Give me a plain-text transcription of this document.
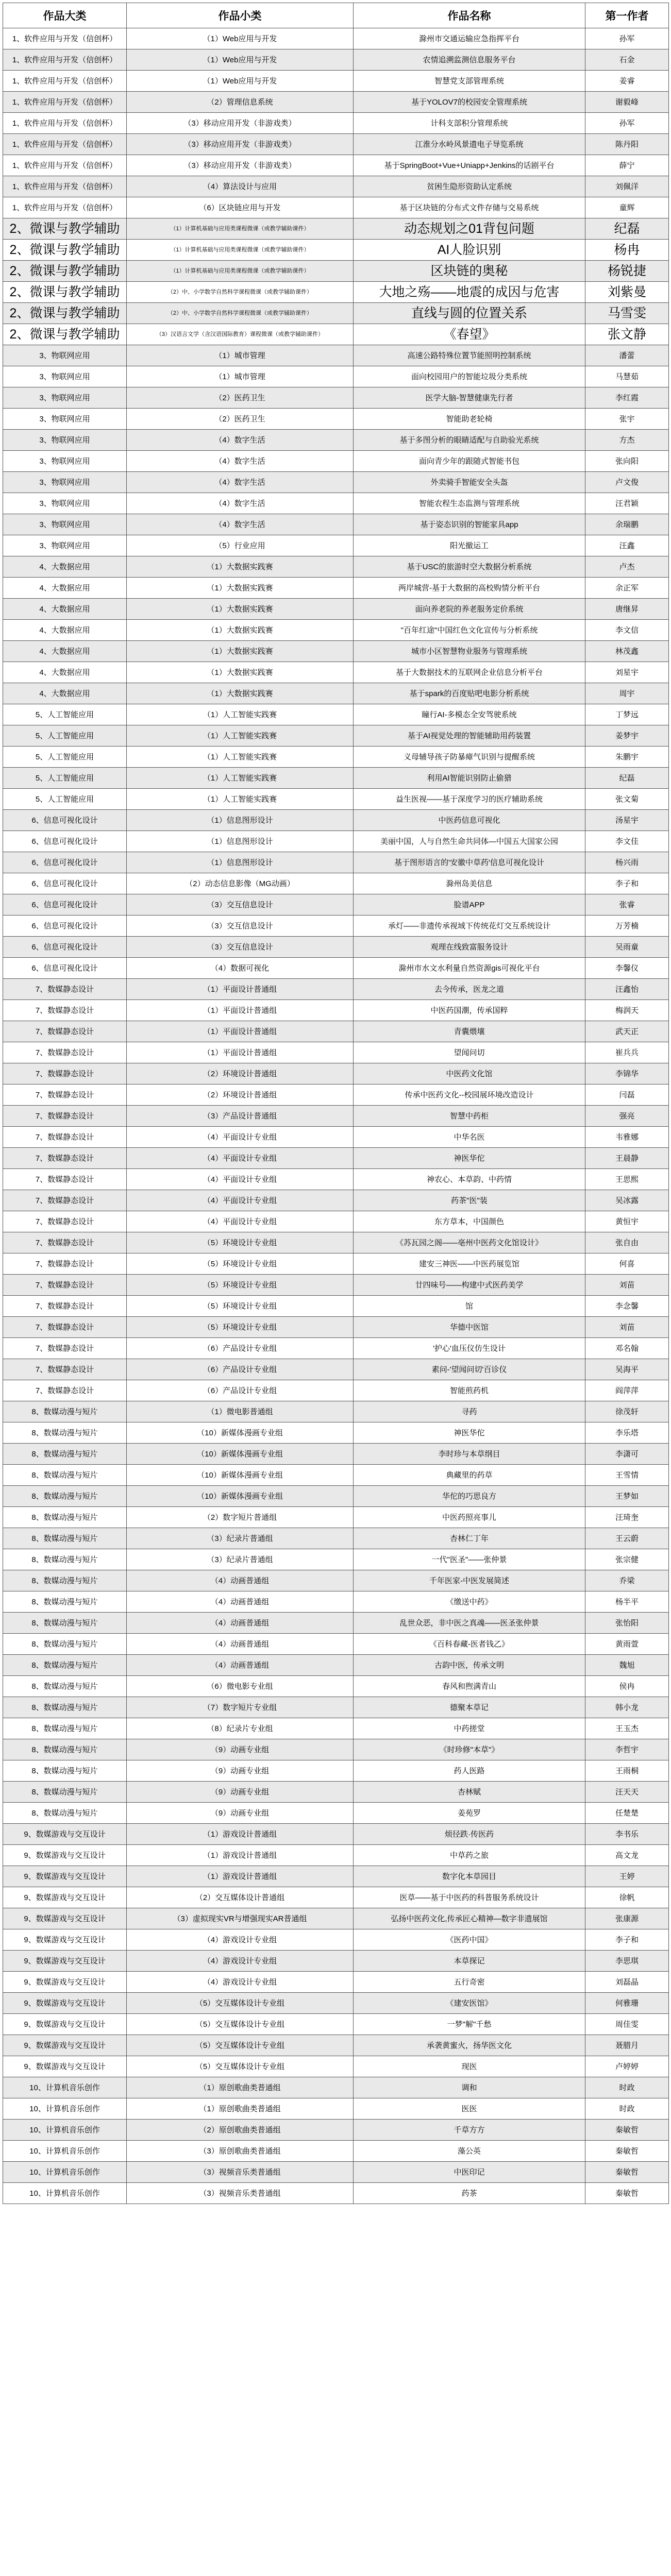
作品大类	作品小类	作品名称	第一作者
1、软件应用与开发（信创杯）	（1）Web应用与开发	滁州市交通运输应急指挥平台	孙军
1、软件应用与开发（信创杯）	（1）Web应用与开发	农情追溯监测信息服务平台	石金
1、软件应用与开发（信创杯）	（1）Web应用与开发	智慧党支部管理系统	姜睿
1、软件应用与开发（信创杯）	（2）管理信息系统	基于YOLOV7的校园安全管理系统	谢毅峰
1、软件应用与开发（信创杯）	（3）移动应用开发（非游戏类）	计科支部积分管理系统	孙军
1、软件应用与开发（信创杯）	（3）移动应用开发（非游戏类）	江淮分水岭风景遗电子导览系统	陈丹阳
1、软件应用与开发（信创杯）	（3）移动应用开发（非游戏类）	基于SpringBoot+Vue+Uniapp+Jenkins的话剧平台	薛宁
1、软件应用与开发（信创杯）	（4）算法设计与应用	贫困生隐形资助认定系统	刘佩洋
1、软件应用与开发（信创杯）	（6）区块链应用与开发	基于区块链的分布式文件存储与交易系统	童辉
2、微课与教学辅助	（1）计算机基础与应用类课程微课（或教学辅助课件）	动态规划之01背包问题	纪磊
2、微课与教学辅助	（1）计算机基础与应用类课程微课（或教学辅助课件）	AI人脸识别	杨冉
2、微课与教学辅助	（1）计算机基础与应用类课程微课（或教学辅助课件）	区块链的奥秘	杨锐捷
2、微课与教学辅助	（2）中、小学数学自然科学课程微课（或教学辅助课件）	大地之殇——地震的成因与危害	刘紫曼
2、微课与教学辅助	（2）中、小学数学自然科学课程微课（或教学辅助课件）	直线与圆的位置关系	马雪雯
2、微课与教学辅助	（3）汉语言文学（含汉语国际教育）课程微课（或教学辅助课件）	《春望》	张文静
3、物联网应用	（1）城市管理	高速公路特殊位置节能照明控制系统	潘蕾
3、物联网应用	（1）城市管理	面向校园用户的智能垃圾分类系统	马慧茹
3、物联网应用	（2）医药卫生	医学大脑-智慧健康先行者	李红霞
3、物联网应用	（2）医药卫生	智能助老轮椅	张宇
3、物联网应用	（4）数字生活	基于多图分析的眼睛适配与自助验光系统	方杰
3、物联网应用	（4）数字生活	面向青少年的跟随式智能书包	张向阳
3、物联网应用	（4）数字生活	外卖骑手智能安全头盔	卢文俊
3、物联网应用	（4）数字生活	智能农程生态监测与管理系统	汪君颖
3、物联网应用	（4）数字生活	基于姿态识别的智能家具app	余瑞鹏
3、物联网应用	（5）行业应用	阳光撤运工	汪鑫
4、大数据应用	（1）大数据实践赛	基于USC的旅游时空大数据分析系统	卢杰
4、大数据应用	（1）大数据实践赛	两岸城营-基于大数据的高校购情分析平台	余正军
4、大数据应用	（1）大数据实践赛	面向养老院的养老服务定价系统	唐继昇
4、大数据应用	（1）大数据实践赛	"百年红途"中国红色文化宣传与分析系统	李文信
4、大数据应用	（1）大数据实践赛	城市小区智慧物业服务与管理系统	林茂鑫
4、大数据应用	（1）大数据实践赛	基于大数据技术的互联网企业信息分析平台	刘星宇
4、大数据应用	（1）大数据实践赛	基于spark的百度贴吧电影分析系统	周宇
5、人工智能应用	（1）人工智能实践赛	瞳行AI-多模态全安驾驶系统	丁梦远
5、人工智能应用	（1）人工智能实践赛	基于AI视觉处理的智能辅助用药装置	姜梦宇
5、人工智能应用	（1）人工智能实践赛	义母辅导孩子防暴瘴气识别与提醒系统	朱鹏宇
5、人工智能应用	（1）人工智能实践赛	利用AI智能识别防止偷猎	纪磊
5、人工智能应用	（1）人工智能实践赛	益生医视——基于深度学习的医疗辅助系统	张文菊
6、信息可视化设计	（1）信息图形设计	中医药信息可视化	汤星宇
6、信息可视化设计	（1）信息图形设计	美丽中国，人与自然生命共同体—中国五大国家公园	李文佳
6、信息可视化设计	（1）信息图形设计	基于图形语言的'安徽中草药'信息可视化设计	杨兴雨
6、信息可视化设计	（2）动态信息影像（MG动画）	滁州岛美信息	李子和
6、信息可视化设计	（3）交互信息设计	脸谱APP	张睿
6、信息可视化设计	（3）交互信息设计	承灯——非遗传承视域下传统花灯交互系统设计	万芳楠
6、信息可视化设计	（3）交互信息设计	观理在线致富服务设计	吴雨童
6、信息可视化设计	（4）数据可视化	滁州市水文水利量自然资源gis可视化平台	李馨仪
7、数媒静态设计	（1）平面设计普通组	去今传承，医龙之道	汪鑫怡
7、数媒静态设计	（1）平面设计普通组	中医药国潮，传承国粹	梅润天
7、数媒静态设计	（1）平面设计普通组	青囊煨壤	武天正
7、数媒静态设计	（1）平面设计普通组	望闻问切	崔兵兵
7、数媒静态设计	（2）环境设计普通组	中医药文化馆	李锦华
7、数媒静态设计	（2）环境设计普通组	传承中医药文化--校园展环境改造设计	闫磊
7、数媒静态设计	（3）产品设计普通组	智慧中药柜	强亮
7、数媒静态设计	（4）平面设计专业组	中华名医	韦雅娜
7、数媒静态设计	（4）平面设计专业组	神医华佗	王晨静
7、数媒静态设计	（4）平面设计专业组	神农心、本草韵、中药情	王思熙
7、数媒静态设计	（4）平面设计专业组	药茶"医"装	吴冰露
7、数媒静态设计	（4）平面设计专业组	东方草本，中国颜色	黄恒宇
7、数媒静态设计	（5）环境设计专业组	《苏瓦园之阁——亳州中医药文化馆设计》	张自由
7、数媒静态设计	（5）环境设计专业组	建安三神医——中医药展览馆	何喜
7、数媒静态设计	（5）环境设计专业组	廿四味号——构建中式医药美学	刘苗
7、数媒静态设计	（5）环境设计专业组	馆	李念馨
7、数媒静态设计	（5）环境设计专业组	华德中医馆	刘苗
7、数媒静态设计	（6）产品设计专业组	'护心'血压仪仿生设计	邓名翰
7、数媒静态设计	（6）产品设计专业组	素问-'望闻问切'百诊仪	吴海平
7、数媒静态设计	（6）产品设计专业组	智能煎药机	阎萍萍
8、数媒动漫与短片	（1）微电影普通组	寻药	徐茂轩
8、数媒动漫与短片	（10）新媒体漫画专业组	神医华佗	李乐塔
8、数媒动漫与短片	（10）新媒体漫画专业组	李时珍与本草纲目	李潇可
8、数媒动漫与短片	（10）新媒体漫画专业组	典藏里的药草	王雪情
8、数媒动漫与短片	（10）新媒体漫画专业组	华佗的巧思良方	王梦如
8、数媒动漫与短片	（2）数字短片普通组	中医药照亮事儿	汪琦奎
8、数媒动漫与短片	（3）纪录片普通组	杏林仁丁年	王云蔚
8、数媒动漫与短片	（3）纪录片普通组	一代"医圣"——张仲景	张宗健
8、数媒动漫与短片	（4）动画普通组	千年医家-中医发展简述	乔梁
8、数媒动漫与短片	（4）动画普通组	《缴送中药》	杨半平
8、数媒动漫与短片	（4）动画普通组	乱世众恶，非中医之真魂——医圣张仲景	张怡阳
8、数媒动漫与短片	（4）动画普通组	《百科春藏-医者钱乙》	黄雨萱
8、数媒动漫与短片	（4）动画普通组	古韵中医，传承文明	魏旭
8、数媒动漫与短片	（6）微电影专业组	春风和煦满青山	侯冉
8、数媒动漫与短片	（7）数字短片专业组	德聚本草记	韩小龙
8、数媒动漫与短片	（8）纪录片专业组	中药搓堂	王玉杰
8、数媒动漫与短片	（9）动画专业组	《时珍修"本草"》	李哲宇
8、数媒动漫与短片	（9）动画专业组	药人医路	王雨桐
8、数媒动漫与短片	（9）动画专业组	杏林赋	汪天天
8、数媒动漫与短片	（9）动画专业组	姜苑罗	任楚楚
9、数媒游戏与交互设计	（1）游戏设计普通组	烦径跌·传医药	李书乐
9、数媒游戏与交互设计	（1）游戏设计普通组	中草药之旅	高文龙
9、数媒游戏与交互设计	（1）游戏设计普通组	数字化本草园目	王婷
9、数媒游戏与交互设计	（2）交互媒体设计普通组	医草——基于中医药的科普服务系统设计	徐帆
9、数媒游戏与交互设计	（3）虚拟现实VR与增强现实AR普通组	弘扬中医药文化,传承匠心精神—数字非遗展馆	张康源
9、数媒游戏与交互设计	（4）游戏设计专业组	《医药中国》	李子和
9、数媒游戏与交互设计	（4）游戏设计专业组	本草探记	李思琪
9、数媒游戏与交互设计	（4）游戏设计专业组	五行奇密	刘磊晶
9、数媒游戏与交互设计	（5）交互媒体设计专业组	《建安医馆》	何雅珊
9、数媒游戏与交互设计	（5）交互媒体设计专业组	一梦"解"千愁	周佳雯
9、数媒游戏与交互设计	（5）交互媒体设计专业组	承袭黄蜜火，扬华医文化	聂腊月
9、数媒游戏与交互设计	（5）交互媒体设计专业组	现医	卢婷婷
10、计算机音乐创作	（1）原创歌曲类普通组	调和	时政
10、计算机音乐创作	（1）原创歌曲类普通组	医医	时政
10、计算机音乐创作	（2）原创歌曲类普通组	千草方方	秦敏哲
10、计算机音乐创作	（3）原创歌曲类普通组	藻公英	秦敏哲
10、计算机音乐创作	（3）视频音乐类普通组	中医印记	秦敏哲
10、计算机音乐创作	（3）视频音乐类普通组	药茶	秦敏哲
